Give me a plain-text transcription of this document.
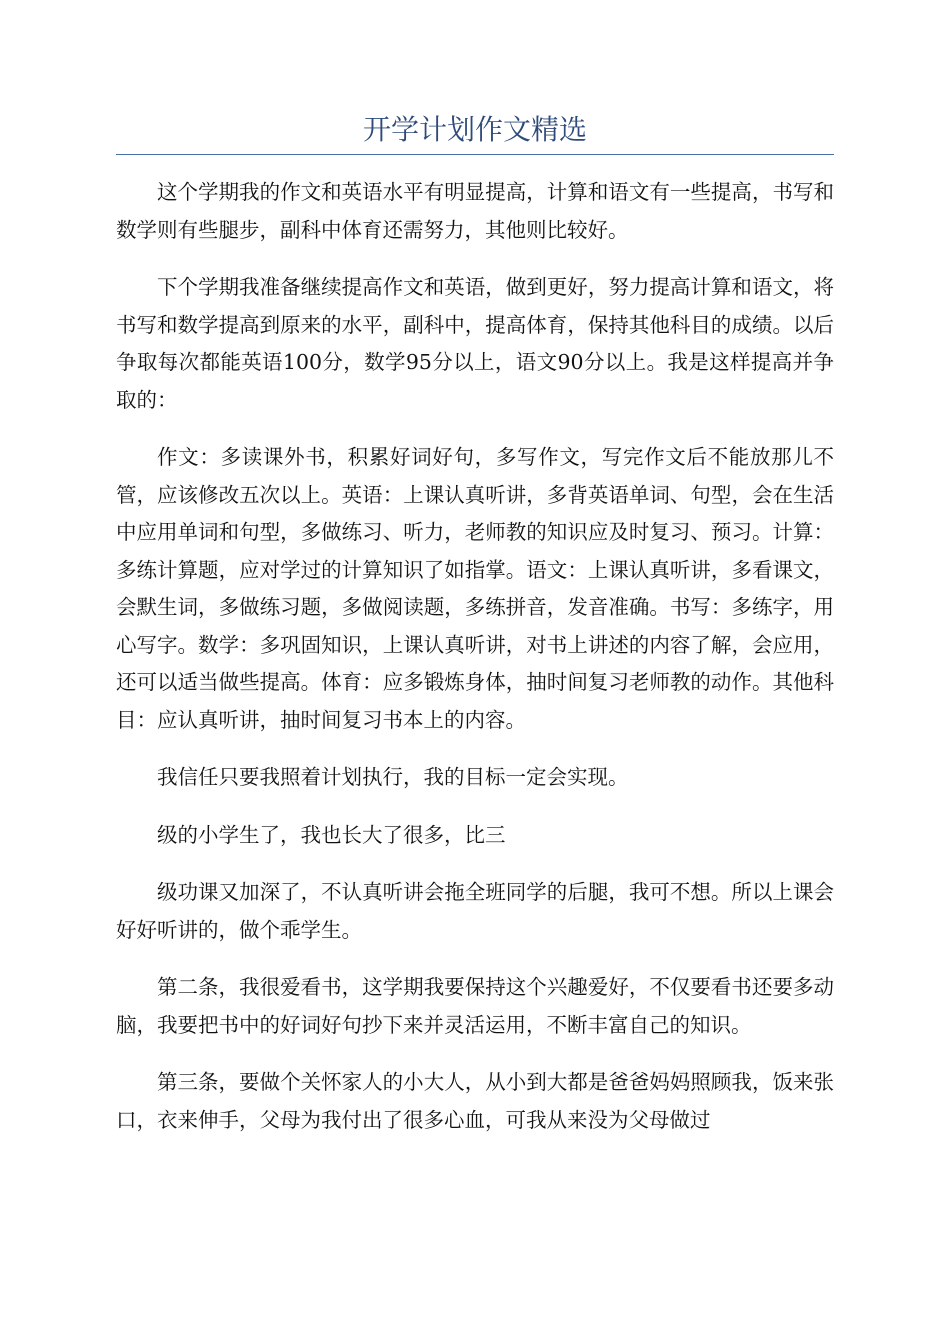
开学计划作文精选

这个学期我的作文和英语水平有明显提高，计算和语文有一些提高，书写和数学则有些腿步，副科中体育还需努力，其他则比较好。

下个学期我准备继续提高作文和英语，做到更好，努力提高计算和语文，将书写和数学提高到原来的水平，副科中，提高体育，保持其他科目的成绩。以后争取每次都能英语100分，数学95分以上，语文90分以上。我是这样提高并争取的：

作文：多读课外书，积累好词好句，多写作文，写完作文后不能放那儿不管，应该修改五次以上。英语：上课认真听讲，多背英语单词、句型，会在生活中应用单词和句型，多做练习、听力，老师教的知识应及时复习、预习。计算：多练计算题，应对学过的计算知识了如指掌。语文：上课认真听讲，多看课文，会默生词，多做练习题，多做阅读题，多练拼音，发音准确。书写：多练字，用心写字。数学：多巩固知识，上课认真听讲，对书上讲述的内容了解，会应用，还可以适当做些提高。体育：应多锻炼身体，抽时间复习老师教的动作。其他科目：应认真听讲，抽时间复习书本上的内容。

我信任只要我照着计划执行，我的目标一定会实现。

级的小学生了，我也长大了很多，比三

级功课又加深了，不认真听讲会拖全班同学的后腿，我可不想。所以上课会好好听讲的，做个乖学生。

第二条，我很爱看书，这学期我要保持这个兴趣爱好，不仅要看书还要多动脑，我要把书中的好词好句抄下来并灵活运用，不断丰富自己的知识。

第三条，要做个关怀家人的小大人，从小到大都是爸爸妈妈照顾我，饭来张口，衣来伸手，父母为我付出了很多心血，可我从来没为父母做过
